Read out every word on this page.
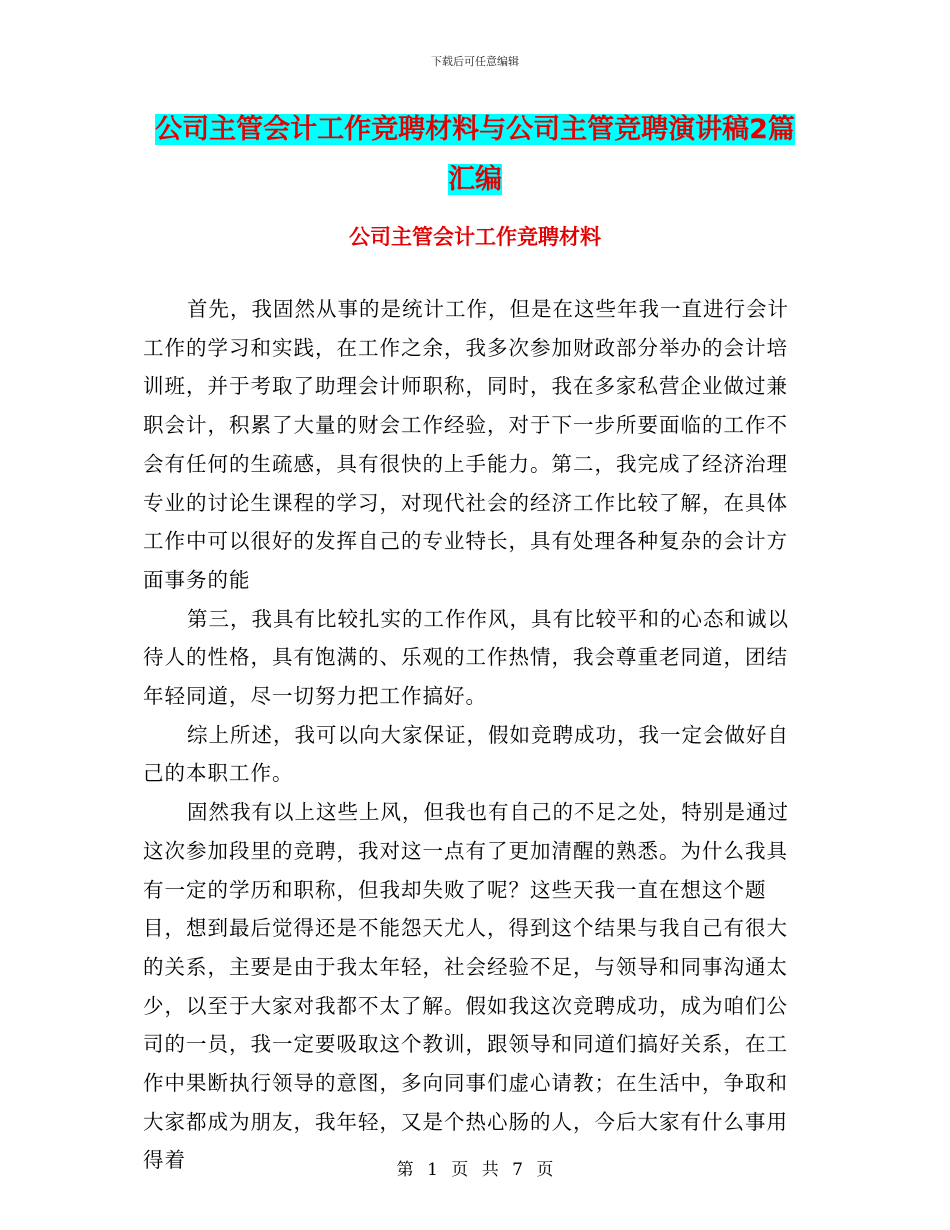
下载后可任意编辑
公司主管会计工作竞聘材料与公司主管竞聘演讲稿2篇汇编
公司主管会计工作竞聘材料

首先，我固然从事的是统计工作，但是在这些年我一直进行会计工作的学习和实践，在工作之余，我多次参加财政部分举办的会计培训班，并于考取了助理会计师职称，同时，我在多家私营企业做过兼职会计，积累了大量的财会工作经验，对于下一步所要面临的工作不会有任何的生疏感，具有很快的上手能力。第二，我完成了经济治理专业的讨论生课程的学习，对现代社会的经济工作比较了解，在具体工作中可以很好的发挥自己的专业特长，具有处理各种复杂的会计方面事务的能

第三，我具有比较扎实的工作作风，具有比较平和的心态和诚以待人的性格，具有饱满的、乐观的工作热情，我会尊重老同道，团结年轻同道，尽一切努力把工作搞好。

综上所述，我可以向大家保证，假如竞聘成功，我一定会做好自己的本职工作。

固然我有以上这些上风，但我也有自己的不足之处，特别是通过这次参加段里的竞聘，我对这一点有了更加清醒的熟悉。为什么我具有一定的学历和职称，但我却失败了呢？这些天我一直在想这个题目，想到最后觉得还是不能怨天尤人，得到这个结果与我自己有很大的关系，主要是由于我太年轻，社会经验不足，与领导和同事沟通太少，以至于大家对我都不太了解。假如我这次竞聘成功，成为咱们公司的一员，我一定要吸取这个教训，跟领导和同道们搞好关系，在工作中果断执行领导的意图，多向同事们虚心请教；在生活中，争取和大家都成为朋友，我年轻，又是个热心肠的人，今后大家有什么事用得着	第 1 页 共 7 页
